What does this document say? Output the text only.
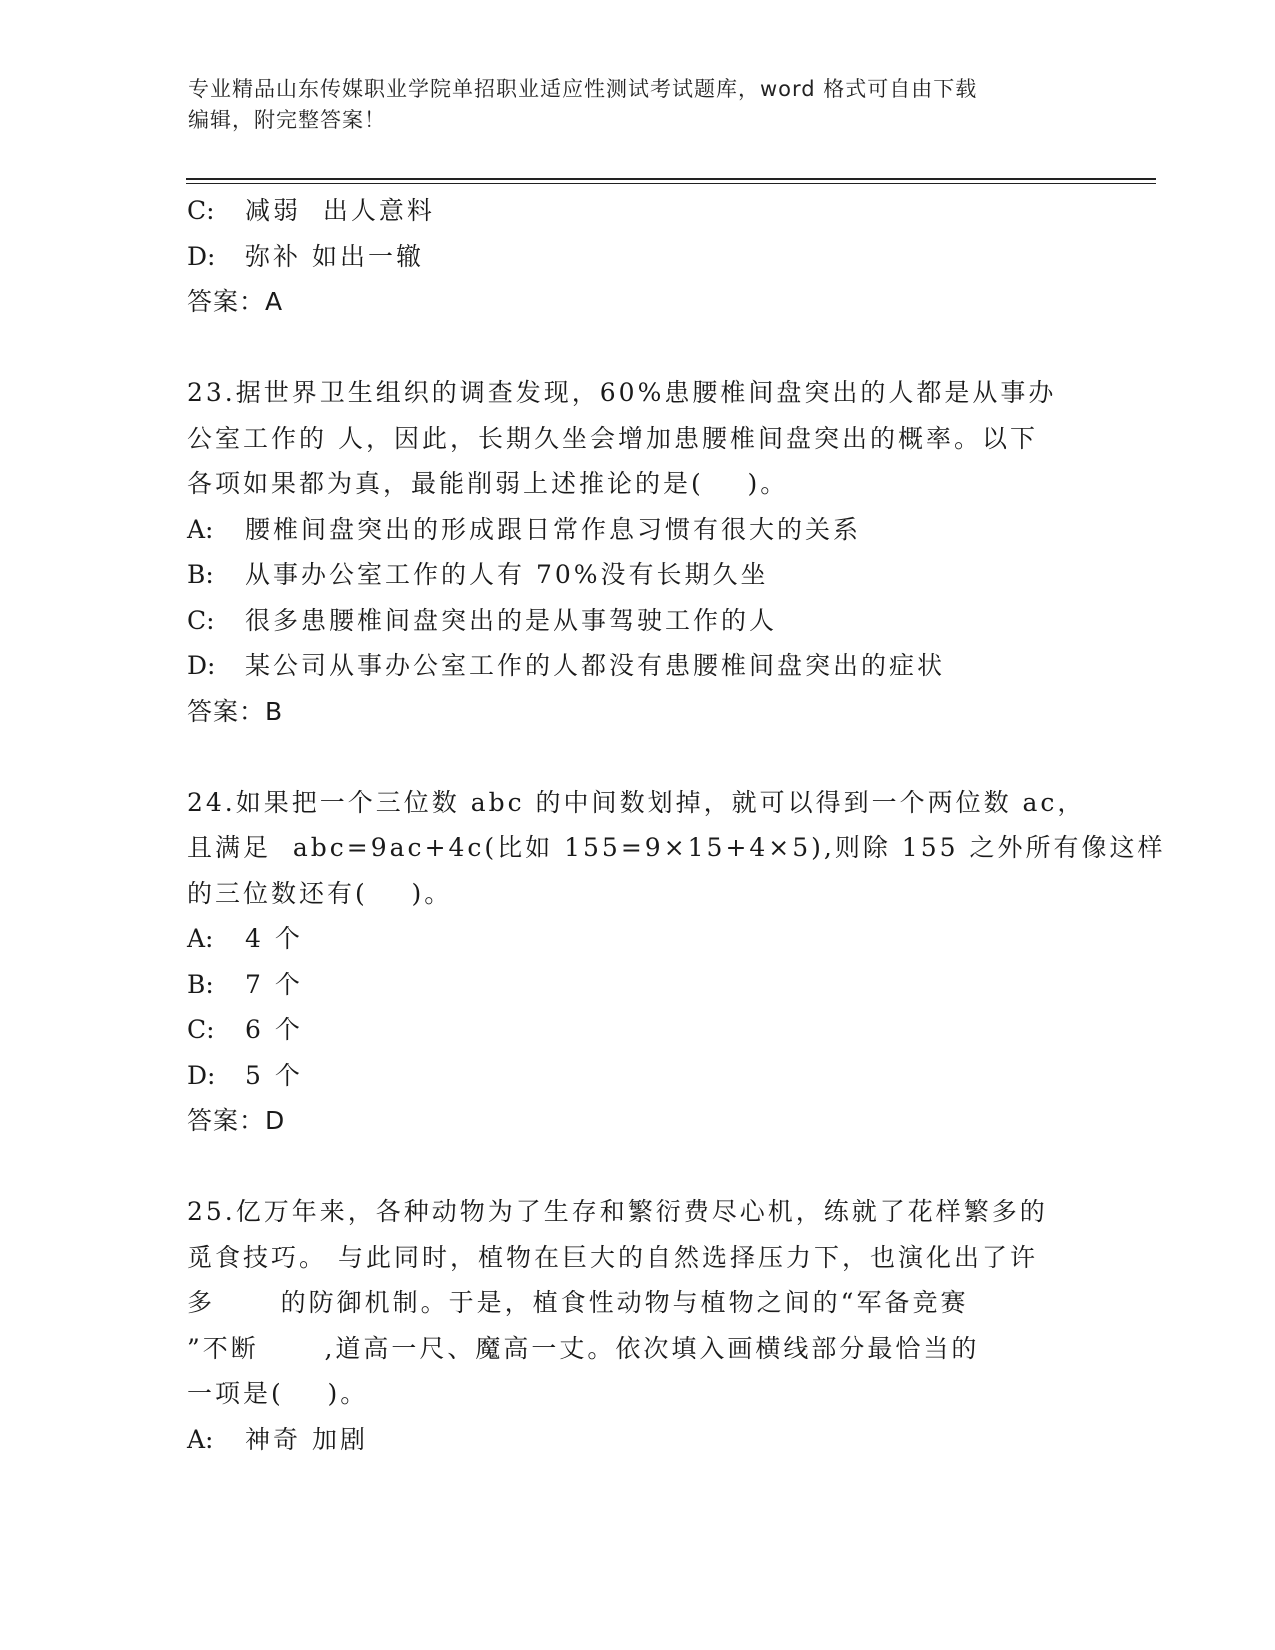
专业精品山东传媒职业学院单招职业适应性测试考试题库，word 格式可自由下载
编辑，附完整答案！
C: 减弱  出人意料
D: 弥补 如出一辙
答案：A
23.据世界卫生组织的调查发现，60%患腰椎间盘突出的人都是从事办
公室工作的 人，因此，长期久坐会增加患腰椎间盘突出的概率。以下
各项如果都为真，最能削弱上述推论的是(    )。
A: 腰椎间盘突出的形成跟日常作息习惯有很大的关系
B: 从事办公室工作的人有 70%没有长期久坐
C: 很多患腰椎间盘突出的是从事驾驶工作的人
D: 某公司从事办公室工作的人都没有患腰椎间盘突出的症状
答案：B
24.如果把一个三位数 abc 的中间数划掉，就可以得到一个两位数 ac，
且满足  abc=9ac+4c(比如 155=9×15+4×5),则除 155 之外所有像这样
的三位数还有(    )。
A: 4 个
B: 7 个
C: 6 个
D: 5 个
答案：D
25.亿万年来，各种动物为了生存和繁衍费尽心机，练就了花样繁多的
觅食技巧。 与此同时，植物在巨大的自然选择压力下，也演化出了许
多      的防御机制。于是，植食性动物与植物之间的“军备竞赛
”不断      ,道高一尺、魔高一丈。依次填入画横线部分最恰当的
一项是(    )。
A: 神奇 加剧
